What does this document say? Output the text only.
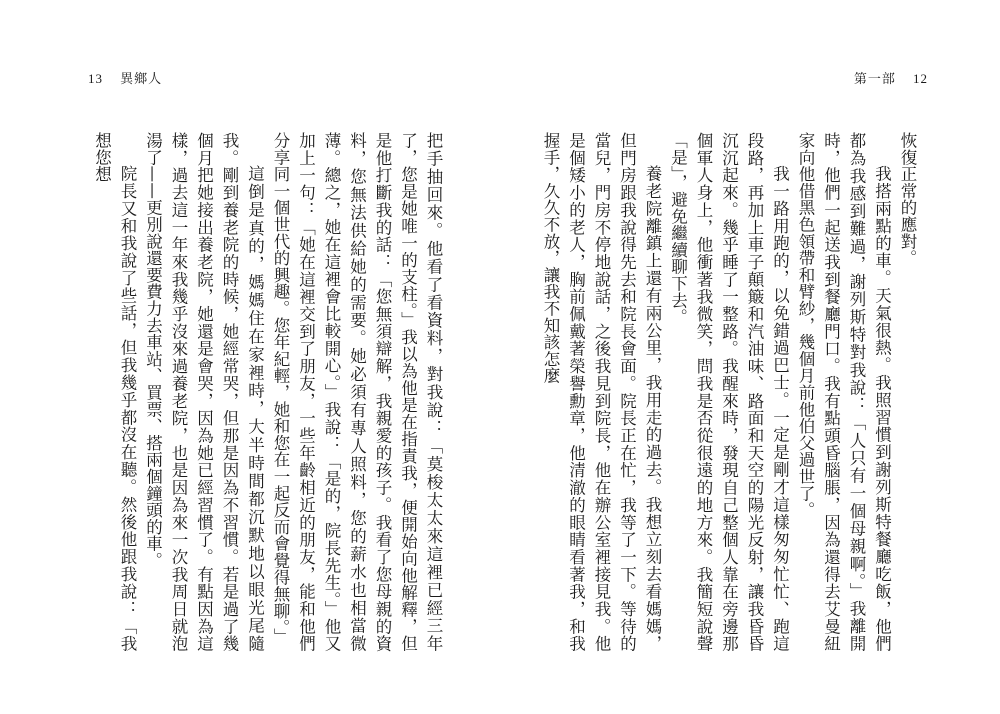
13 異鄉人	第一部 12

恢復正常的應對。

我搭兩點的車。天氣很熱。我照習慣到謝列斯特餐廳吃飯，他們都為我感到難過，謝列斯特對我說：「人只有一個母親啊。」我離開時，他們一起送我到餐廳門口。我有點頭昏腦脹，因為還得去艾曼紐家向他借黑色領帶和臂紗，幾個月前他伯父過世了。

我一路用跑的，以免錯過巴士。一定是剛才這樣匆匆忙忙、跑這段路，再加上車子顛簸和汽油味、路面和天空的陽光反射，讓我昏昏沉沉起來。幾乎睡了一整路。我醒來時，發現自己整個人靠在旁邊那個軍人身上，他衝著我微笑，問我是否從很遠的地方來。我簡短說聲「是」，避免繼續聊下去。

養老院離鎮上還有兩公里，我用走的過去。我想立刻去看媽媽，但門房跟我說得先去和院長會面。院長正在忙，我等了一下。等待的當兒，門房不停地說話，之後我見到院長，他在辦公室裡接見我。他是個矮小的老人，胸前佩戴著榮譽勳章，他清澈的眼睛看著我，和我握手，久久不放，讓我不知該怎麼

把手抽回來。他看了看資料，對我說：「莫梭太太來這裡已經三年了，您是她唯一的支柱。」我以為他是在指責我，便開始向他解釋，但是他打斷我的話：「您無須辯解，我親愛的孩子。我看了您母親的資料，您無法供給她的需要。她必須有專人照料，您的薪水也相當微薄。總之，她在這裡會比較開心。」我說：「是的，院長先生。」他又加上一句：「她在這裡交到了朋友，一些年齡相近的朋友，能和他們分享同一個世代的興趣。您年紀輕，她和您在一起反而會覺得無聊。」

這倒是真的，媽媽住在家裡時，大半時間都沉默地以眼光尾隨我。剛到養老院的時候，她經常哭，但那是因為不習慣。若是過了幾個月把她接出養老院，她還是會哭，因為她已經習慣了。有點因為這樣，過去這一年來我幾乎沒來過養老院，也是因為來一次我周日就泡湯了——更別說還要費力去車站、買票、搭兩個鐘頭的車。

院長又和我說了些話，但我幾乎都沒在聽。然後他跟我說：「我想您想
